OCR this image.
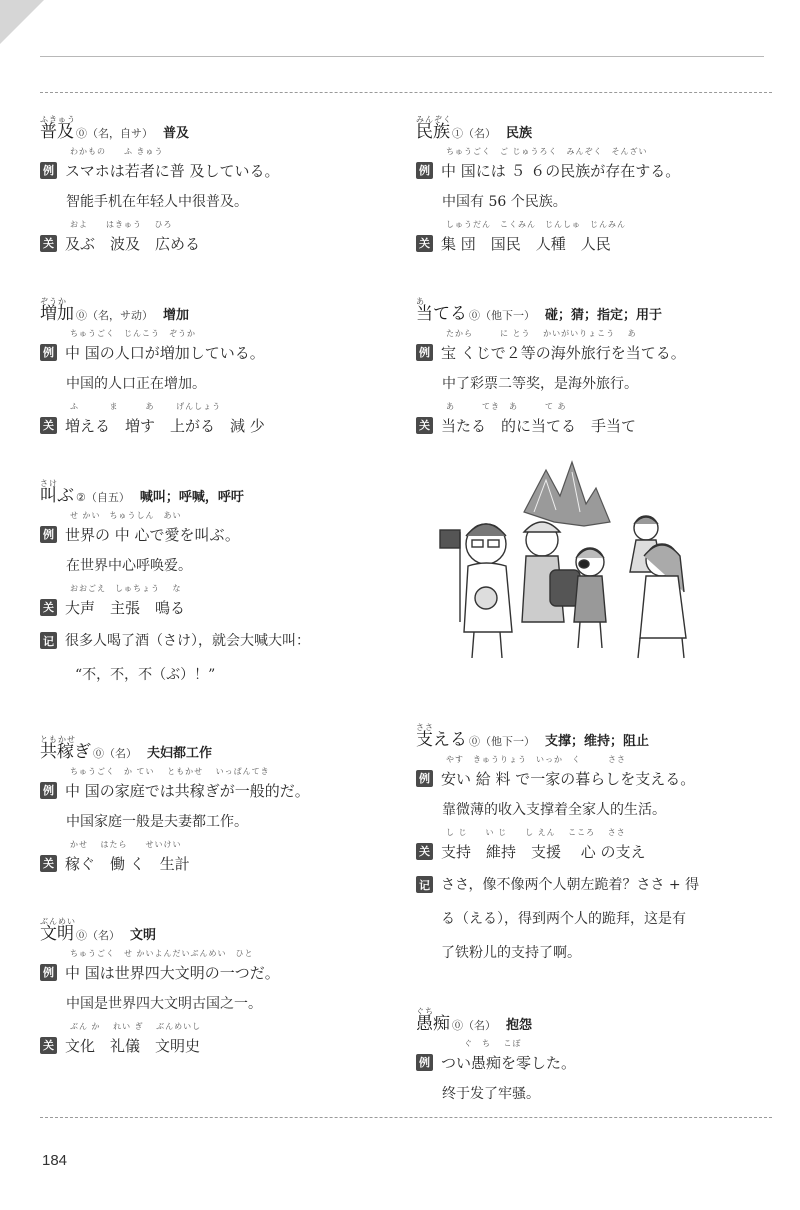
ふきゅう
普及 ⓪（名，自サ） 普及
わかもの　　ふ きゅう
例 スマホは若者に普 及している。
智能手机在年轻人中很普及。
およ　　はきゅう　 ひろ
关 及ぶ　波及　広める
ぞうか
増加 ⓪（名，サ动） 增加
ちゅうごく　じんこう　ぞうか
例 中 国の人口が増加している。
中国的人口正在增加。
ふ　　　 ま　　　あ　　 げんしょう
关 増える　増す　上がる　減 少
さけ
叫ぶ ②（自五） 喊叫；呼喊，呼吁
せ かい　ちゅうしん　あい
例 世界の 中 心で愛を叫ぶ。
在世界中心呼唤爱。
おおごえ　しゅちょう　 な
关 大声　主張　鳴る
记 很多人喝了酒（さけ），就会大喊大叫：
“不，不，不（ぶ）！”
ともかせ
共稼ぎ ⓪（名） 夫妇都工作
ちゅうごく　か てい　 ともかせ　 いっぱんてき
例 中 国の家庭では共稼ぎが一般的だ。
中国家庭一般是夫妻都工作。
かせ　 はたら　　せいけい
关 稼ぐ　働 く　生計
ぶんめい
文明 ⓪（名） 文明
ちゅうごく　せ かいよんだいぶんめい　ひと
例 中 国は世界四大文明の一つだ。
中国是世界四大文明古国之一。
ぶん か　 れい ぎ　 ぶんめいし
关 文化　礼儀　文明史
みんぞく
民族 ①（名） 民族
ちゅうごく　ご じゅうろく　みんぞく　そんざい
例 中 国には ５ ６の民族が存在する。
中国有 56 个民族。
しゅうだん　こくみん　じんしゅ　じんみん
关 集 団　国民　人種　人民
あ
当てる ⓪（他下一） 碰；猜；指定；用于
たから　　　に とう　 かいがいりょこう　 あ
例 宝 くじで２等の海外旅行を当てる。
中了彩票二等奖，是海外旅行。
あ　　　てき　あ　　　て あ
关 当たる　的に当てる　手当て
ささ
支える ⓪（他下一） 支撑；维持；阻止
やす　きゅうりょう　いっか　く　　　ささ
例 安い 給 料 で一家の暮らしを支える。
靠微薄的收入支撑着全家人的生活。
し じ　　い じ　　し えん　 こころ　 ささ
关 支持　維持　支援　 心 の支え
记 ささ，像不像两个人朝左跪着？ささ + 得
る（える），得到两个人的跪拜，这是有
了铁粉儿的支持了啊。
ぐち
愚痴 ⓪（名） 抱怨
　　ぐ　ち　 こぼ
例 つい愚痴を零した。
终于发了牢骚。
184
